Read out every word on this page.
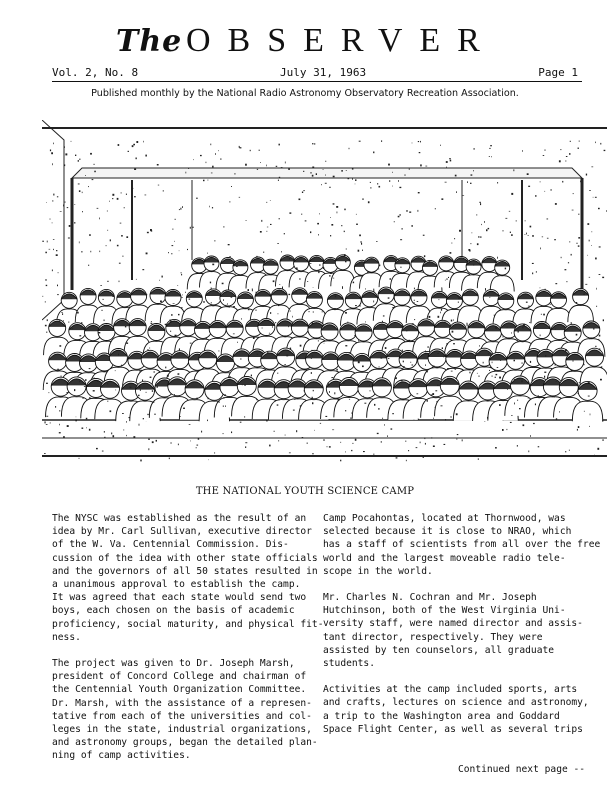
The OBSERVER
Vol. 2, No. 8	July 31, 1963	Page 1
Published monthly by the National Radio Astronomy Observatory Recreation Association.
THE NATIONAL YOUTH SCIENCE CAMP

The NYSC was established as the result of an
idea by Mr. Carl Sullivan, executive director
of the W. Va. Centennial Commission. Dis-
cussion of the idea with other state officials
and the governors of all 50 states resulted in
a unanimous approval to establish the camp.
It was agreed that each state would send two
boys, each chosen on the basis of academic
proficiency, social maturity, and physical fit-
ness.

The project was given to Dr. Joseph Marsh,
president of Concord College and chairman of
the Centennial Youth Organization Committee.
Dr. Marsh, with the assistance of a represen-
tative from each of the universities and col-
leges in the state, industrial organizations,
and astronomy groups, began the detailed plan-
ning of camp activities.

Camp Pocahontas, located at Thornwood, was
selected because it is close to NRAO, which
has a staff of scientists from all over the free
world and the largest moveable radio tele-
scope in the world.

Mr. Charles N. Cochran and Mr. Joseph
Hutchinson, both of the West Virginia Uni-
versity staff, were named director and assis-
tant director, respectively. They were
assisted by ten counselors, all graduate
students.

Activities at the camp included sports, arts
and crafts, lectures on science and astronomy,
a trip to the Washington area and Goddard
Space Flight Center, as well as several trips

Continued next page --
